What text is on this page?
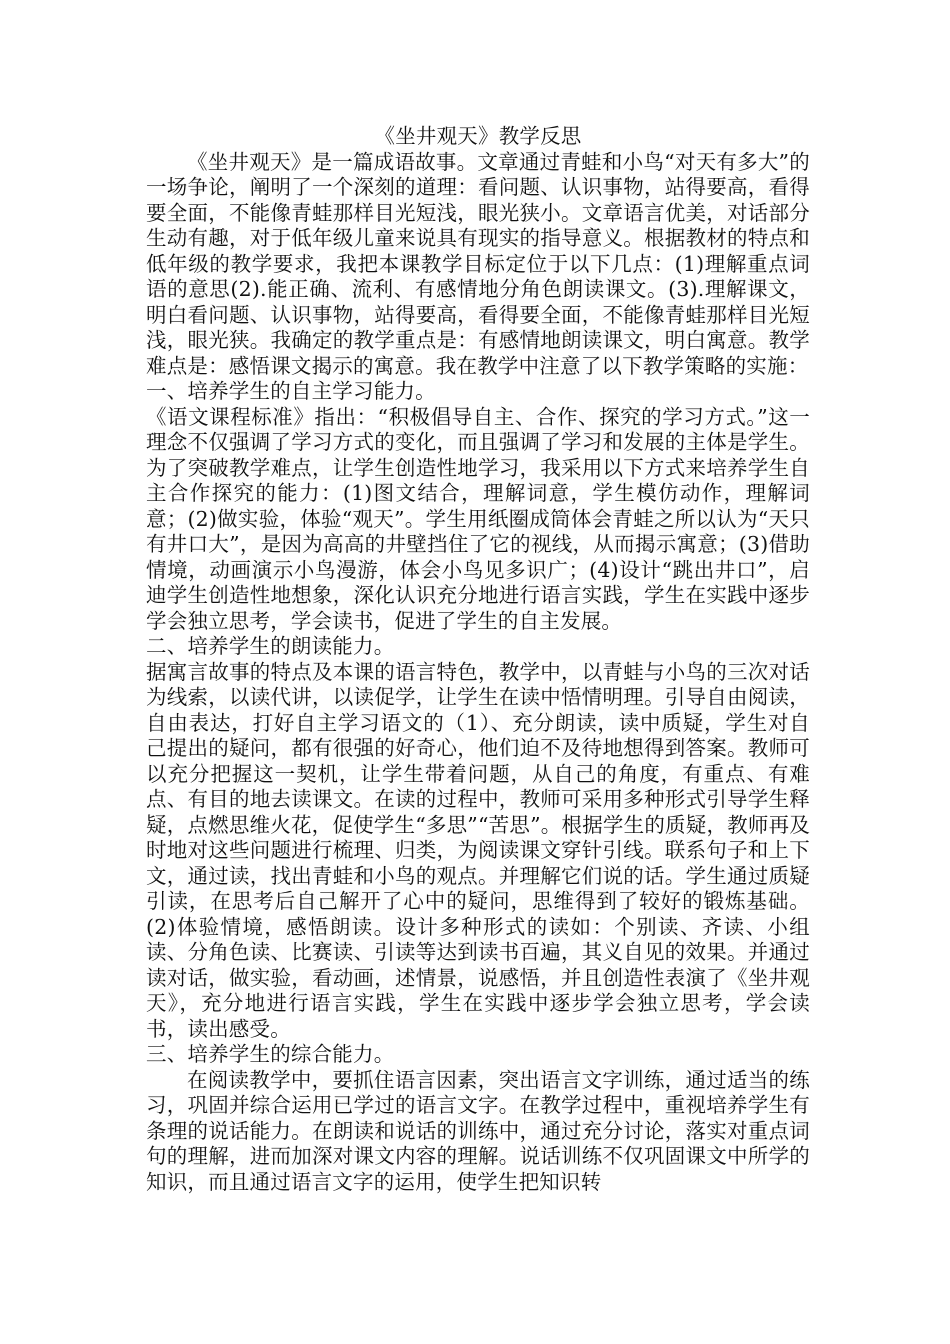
《坐井观天》教学反思

《坐井观天》是一篇成语故事。文章通过青蛙和小鸟“对天有多大”的一场争论，阐明了一个深刻的道理：看问题、认识事物，站得要高，看得要全面，不能像青蛙那样目光短浅，眼光狭小。文章语言优美，对话部分生动有趣，对于低年级儿童来说具有现实的指导意义。根据教材的特点和低年级的教学要求，我把本课教学目标定位于以下几点：(1)理解重点词语的意思(2).能正确、流利、有感情地分角色朗读课文。(3).理解课文，明白看问题、认识事物，站得要高，看得要全面，不能像青蛙那样目光短浅，眼光狭。我确定的教学重点是：有感情地朗读课文，明白寓意。教学难点是：感悟课文揭示的寓意。我在教学中注意了以下教学策略的实施：

一、培养学生的自主学习能力。

《语文课程标准》指出：“积极倡导自主、合作、探究的学习方式。”这一理念不仅强调了学习方式的变化，而且强调了学习和发展的主体是学生。为了突破教学难点，让学生创造性地学习，我采用以下方式来培养学生自主合作探究的能力：(1)图文结合，理解词意，学生模仿动作，理解词意；(2)做实验，体验“观天”。学生用纸圈成筒体会青蛙之所以认为“天只有井口大”，是因为高高的井壁挡住了它的视线，从而揭示寓意；(3)借助情境，动画演示小鸟漫游，体会小鸟见多识广；(4)设计“跳出井口”，启迪学生创造性地想象，深化认识充分地进行语言实践，学生在实践中逐步学会独立思考，学会读书，促进了学生的自主发展。

二、培养学生的朗读能力。

据寓言故事的特点及本课的语言特色，教学中，以青蛙与小鸟的三次对话为线索，以读代讲，以读促学，让学生在读中悟情明理。引导自由阅读，自由表达，打好自主学习语文的（1）、充分朗读，读中质疑，学生对自己提出的疑问，都有很强的好奇心，他们迫不及待地想得到答案。教师可以充分把握这一契机，让学生带着问题，从自己的角度，有重点、有难点、有目的地去读课文。在读的过程中，教师可采用多种形式引导学生释疑，点燃思维火花，促使学生“多思”“苦思”。根据学生的质疑，教师再及时地对这些问题进行梳理、归类，为阅读课文穿针引线。联系句子和上下文，通过读，找出青蛙和小鸟的观点。并理解它们说的话。学生通过质疑引读，在思考后自己解开了心中的疑问，思维得到了较好的锻炼基础。(2)体验情境，感悟朗读。设计多种形式的读如：个别读、齐读、小组读、分角色读、比赛读、引读等达到读书百遍，其义自见的效果。并通过读对话，做实验，看动画，述情景，说感悟，并且创造性表演了《坐井观天》，充分地进行语言实践，学生在实践中逐步学会独立思考，学会读书，读出感受。

三、培养学生的综合能力。

在阅读教学中，要抓住语言因素，突出语言文字训练，通过适当的练习，巩固并综合运用已学过的语言文字。在教学过程中，重视培养学生有条理的说话能力。在朗读和说话的训练中，通过充分讨论，落实对重点词句的理解，进而加深对课文内容的理解。说话训练不仅巩固课文中所学的知识，而且通过语言文字的运用，使学生把知识转
